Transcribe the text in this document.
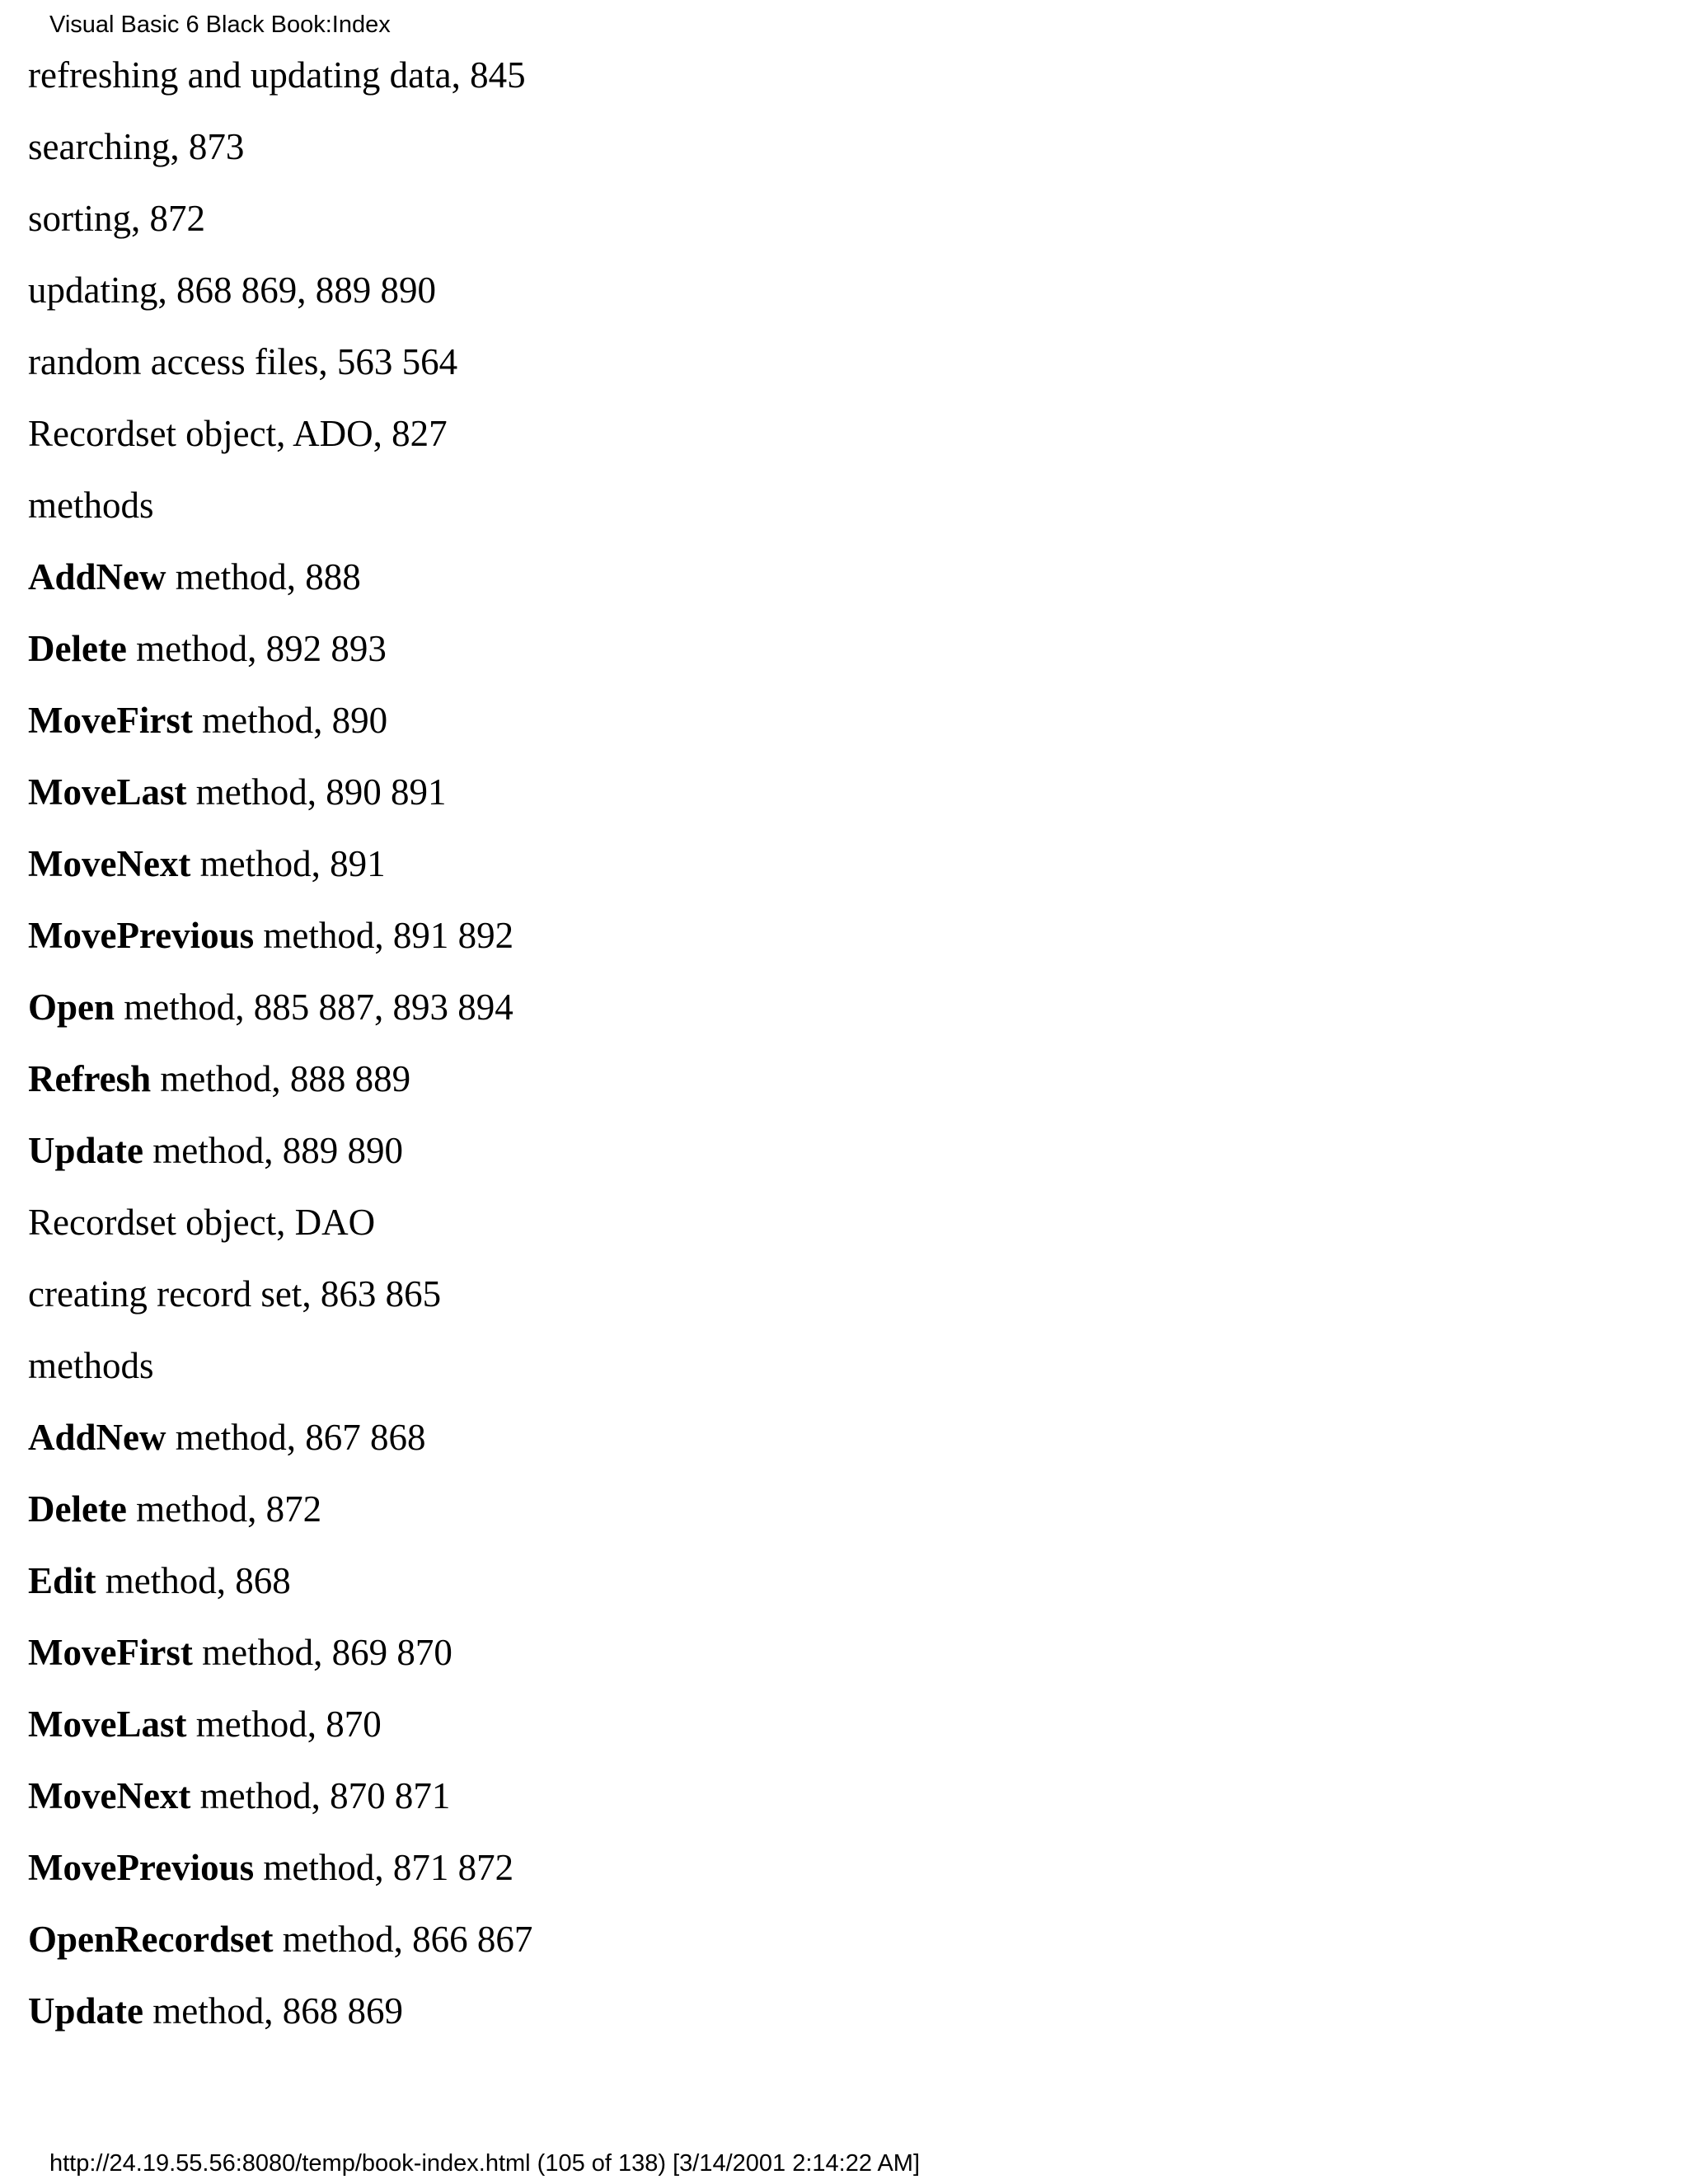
Visual Basic 6 Black Book:Index
refreshing and updating data, 845
searching, 873
sorting, 872
updating, 868 869, 889 890
random access files, 563 564
Recordset object, ADO, 827
methods
AddNew method, 888
Delete method, 892 893
MoveFirst method, 890
MoveLast method, 890 891
MoveNext method, 891
MovePrevious method, 891 892
Open method, 885 887, 893 894
Refresh method, 888 889
Update method, 889 890
Recordset object, DAO
creating record set, 863 865
methods
AddNew method, 867 868
Delete method, 872
Edit method, 868
MoveFirst method, 869 870
MoveLast method, 870
MoveNext method, 870 871
MovePrevious method, 871 872
OpenRecordset method, 866 867
Update method, 868 869
http://24.19.55.56:8080/temp/book-index.html (105 of 138) [3/14/2001 2:14:22 AM]
